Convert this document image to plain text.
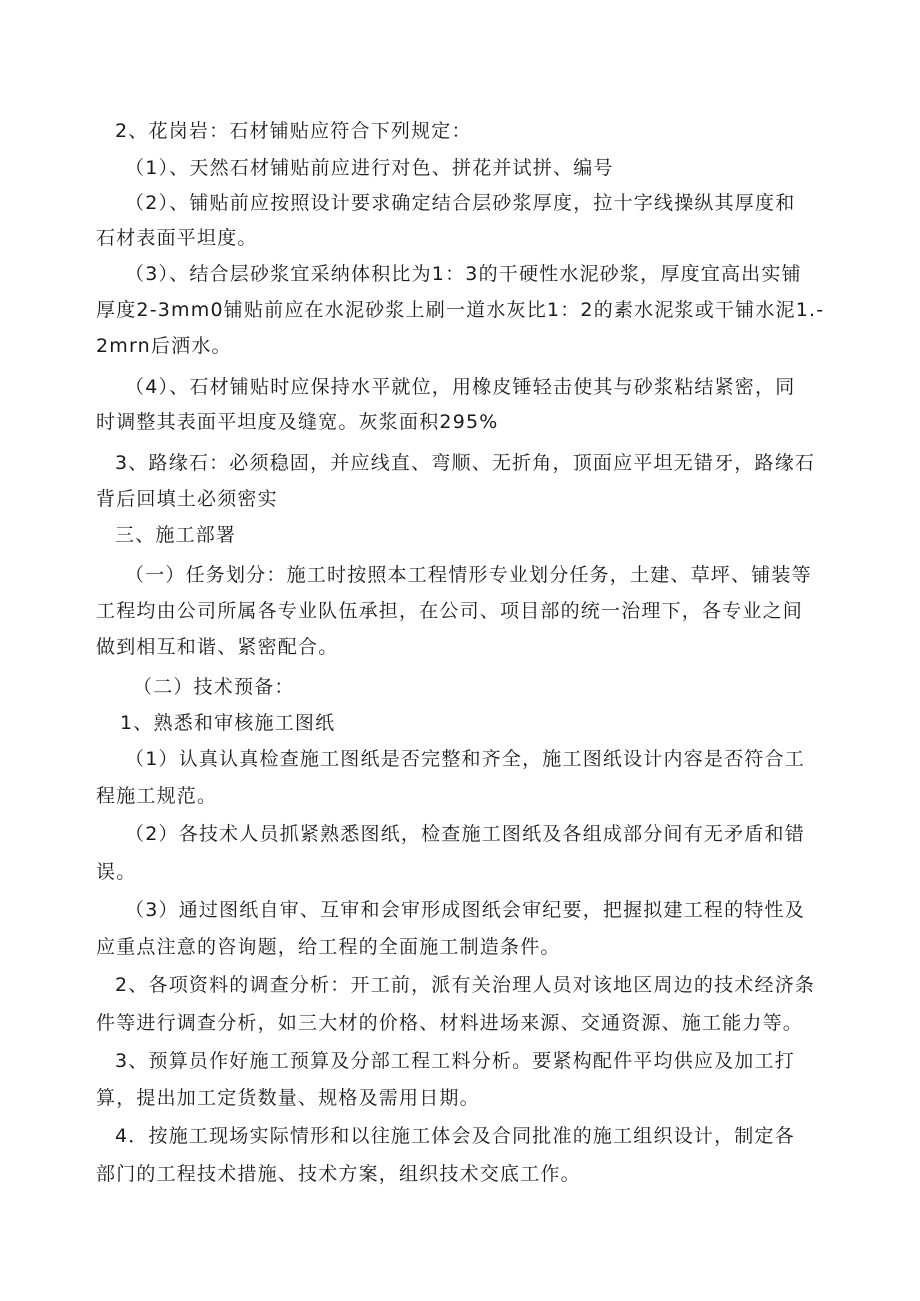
2、花岗岩：石材铺贴应符合下列规定：
（1）、天然石材铺贴前应进行对色、拼花并试拼、编号
（2）、铺贴前应按照设计要求确定结合层砂浆厚度，拉十字线操纵其厚度和
石材表面平坦度。
（3）、结合层砂浆宜采纳体积比为1：3的干硬性水泥砂浆，厚度宜高出实铺
厚度2-3mm0铺贴前应在水泥砂浆上刷一道水灰比1：2的素水泥浆或干铺水泥1.-
2mrn后洒水。
（4）、石材铺贴时应保持水平就位，用橡皮锤轻击使其与砂浆粘结紧密，同
时调整其表面平坦度及缝宽。灰浆面积295%
3、路缘石：必须稳固，并应线直、弯顺、无折角，顶面应平坦无错牙，路缘石
背后回填土必须密实
三、施工部署
（一）任务划分：施工时按照本工程情形专业划分任务，土建、草坪、铺装等
工程均由公司所属各专业队伍承担，在公司、项目部的统一治理下，各专业之间
做到相互和谐、紧密配合。
（二）技术预备：
1、熟悉和审核施工图纸
（1）认真认真检查施工图纸是否完整和齐全，施工图纸设计内容是否符合工
程施工规范。
（2）各技术人员抓紧熟悉图纸，检查施工图纸及各组成部分间有无矛盾和错
误。
（3）通过图纸自审、互审和会审形成图纸会审纪要，把握拟建工程的特性及
应重点注意的咨询题，给工程的全面施工制造条件。
2、各项资料的调查分析：开工前，派有关治理人员对该地区周边的技术经济条
件等进行调查分析，如三大材的价格、材料进场来源、交通资源、施工能力等。
3、预算员作好施工预算及分部工程工料分析。要紧构配件平均供应及加工打
算，提出加工定货数量、规格及需用日期。
4．按施工现场实际情形和以往施工体会及合同批准的施工组织设计，制定各
部门的工程技术措施、技术方案，组织技术交底工作。
